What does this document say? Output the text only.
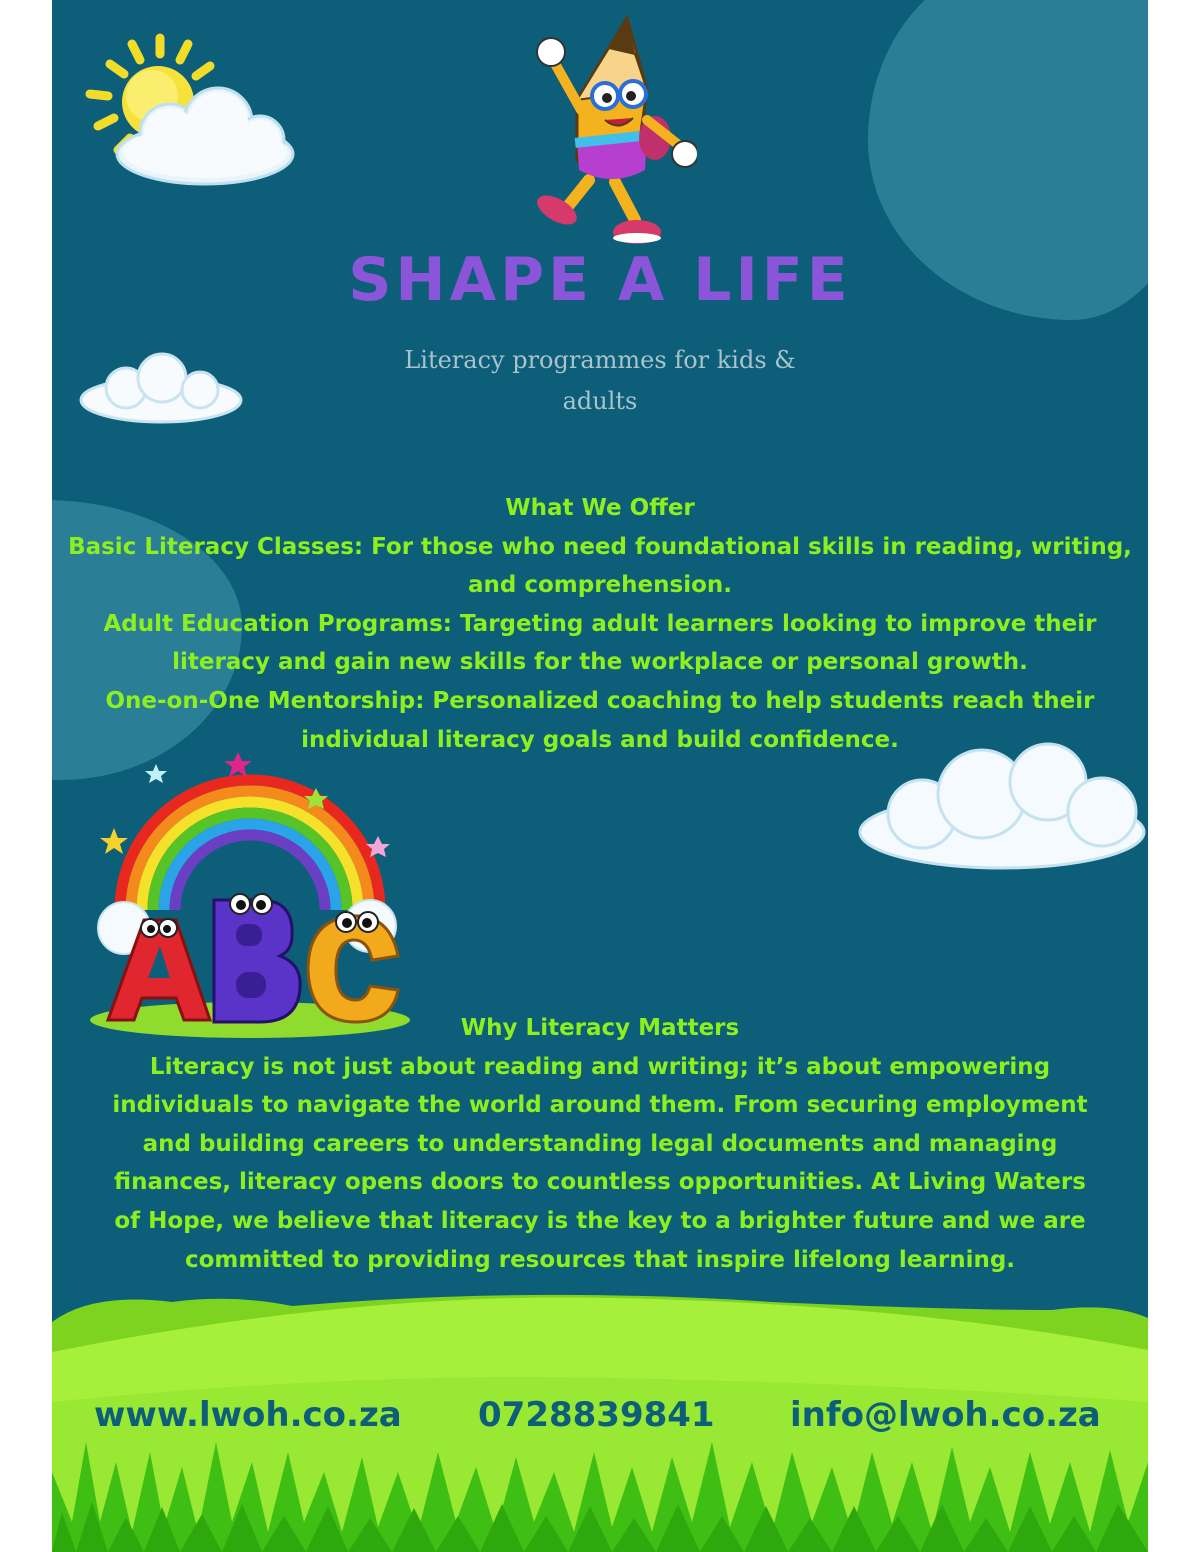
SHAPE A LIFE
Literacy programmes for kids &
adults

What We Offer

Basic Literacy Classes: For those who need foundational skills in reading, writing,

and comprehension.

Adult Education Programs: Targeting adult learners looking to improve their

literacy and gain new skills for the workplace or personal growth.

One-on-One Mentorship: Personalized coaching to help students reach their

individual literacy goals and build confidence.

Why Literacy Matters

Literacy is not just about reading and writing; it’s about empowering

individuals to navigate the world around them. From securing employment

and building careers to understanding legal documents and managing

finances, literacy opens doors to countless opportunities. At Living Waters

of Hope, we believe that literacy is the key to a brighter future and we are

committed to providing resources that inspire lifelong learning.

www.lwoh.co.za 0728839841 info@lwoh.co.za
